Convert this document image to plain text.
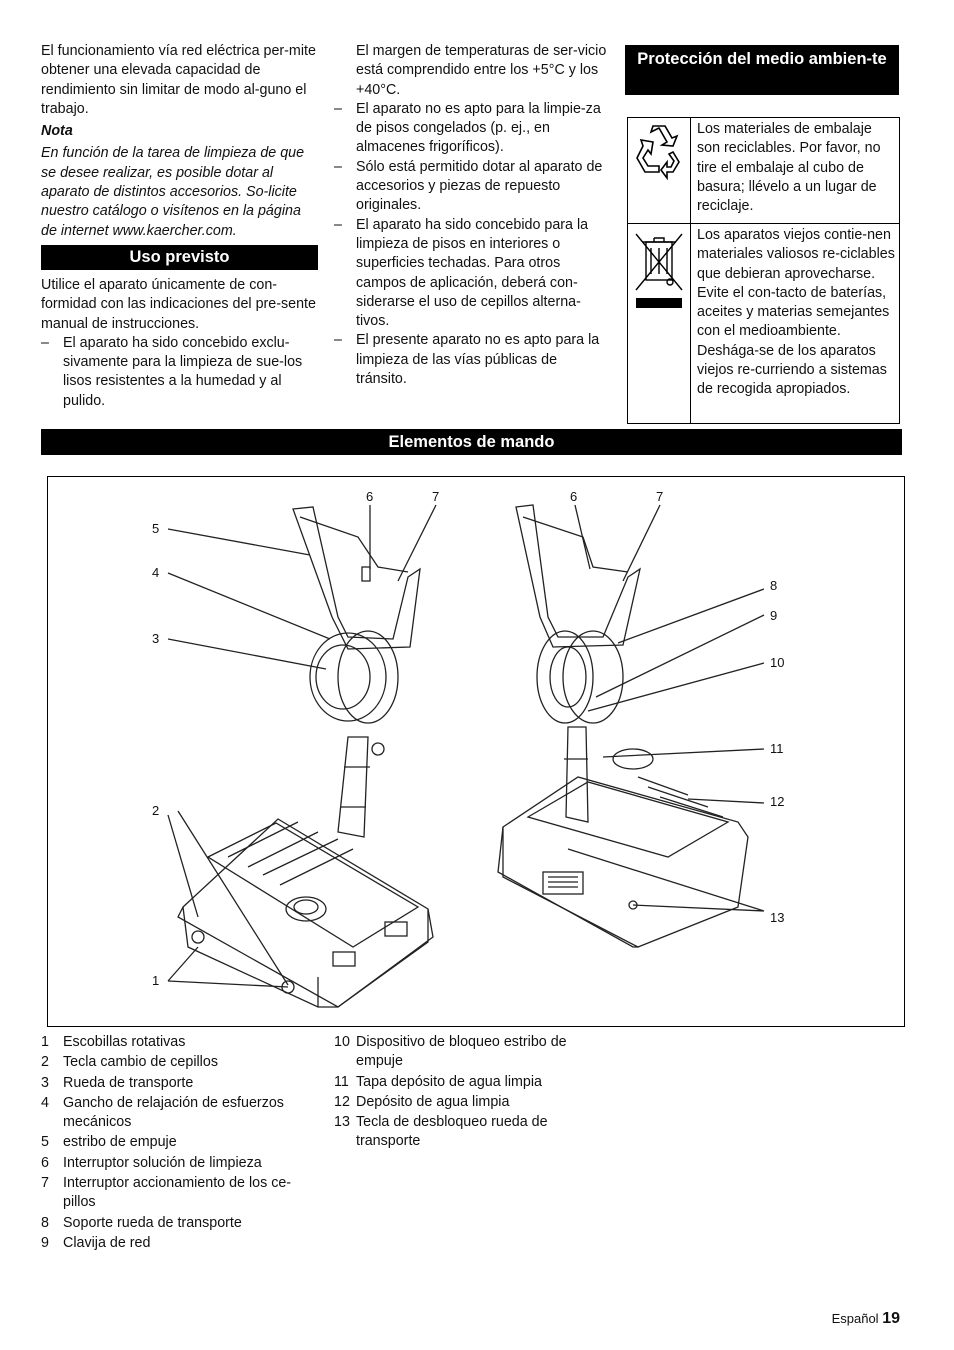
El funcionamiento vía red eléctrica per-mite obtener una elevada capacidad de rendimiento sin limitar de modo al-guno el trabajo.

Nota

En función de la tarea de limpieza de que se desee realizar, es posible dotar al aparato de distintos accesorios. So-licite nuestro catálogo o visítenos en la página de internet www.kaercher.com.

Uso previsto

Utilice el aparato únicamente de con-formidad con las indicaciones del pre-sente manual de instrucciones.

– El aparato ha sido concebido exclu-sivamente para la limpieza de sue-los lisos resistentes a la humedad y al pulido.

El margen de temperaturas de ser-vicio está comprendido entre los +5°C y los +40°C.

– El aparato no es apto para la limpie-za de pisos congelados (p. ej., en almacenes frigoríficos).
– Sólo está permitido dotar al aparato de accesorios y piezas de repuesto originales.
– El aparato ha sido concebido para la limpieza de pisos en interiores o superficies techadas. Para otros campos de aplicación, deberá con-siderarse el uso de cepillos alterna-tivos.
– El presente aparato no es apto para la limpieza de las vías públicas de tránsito.
Protección del medio ambien-te
	Los materiales de embalaje son reciclables. Por favor, no tire el embalaje al cubo de basura; llévelo a un lugar de reciclaje.
	Los aparatos viejos contie-nen materiales valiosos re-ciclables que debieran aprovecharse. Evite el con-tacto de baterías, aceites y materias semejantes con el medioambiente. Deshága-se de los aparatos viejos re-curriendo a sistemas de recogida apropiados.
Elementos de mando
5
4
3
2
1
6	7	6	7
8
9
10
11
12
13
1 Escobillas rotativas
2 Tecla cambio de cepillos
3 Rueda de transporte
4 Gancho de relajación de esfuerzos mecánicos
5 estribo de empuje
6 Interruptor solución de limpieza
7 Interruptor accionamiento de los ce-pillos
8 Soporte rueda de transporte
9 Clavija de red
10 Dispositivo de bloqueo estribo de empuje
11 Tapa depósito de agua limpia
12 Depósito de agua limpia
13 Tecla de desbloqueo rueda de transporte
Español 19
